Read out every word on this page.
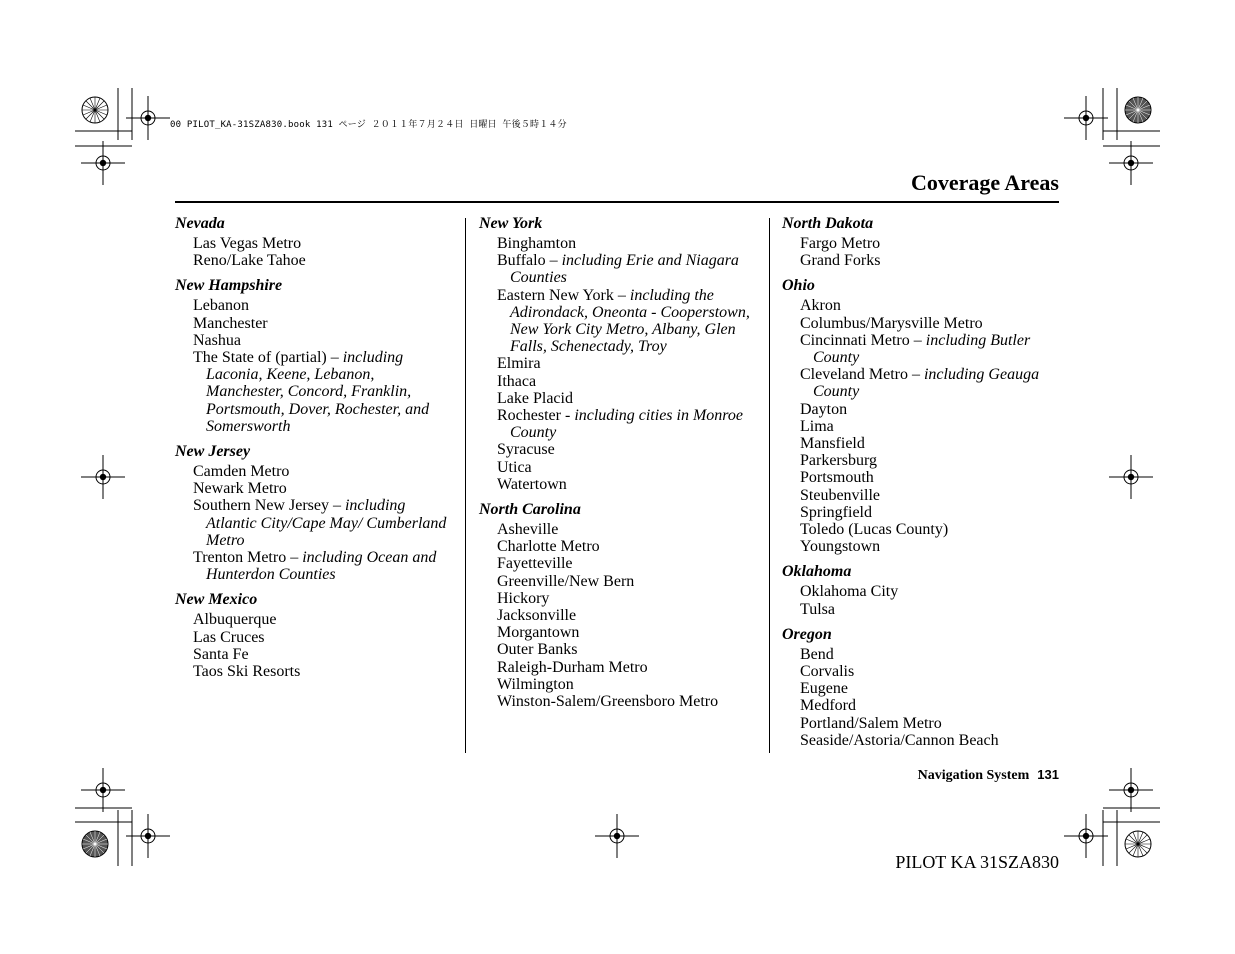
00 PILOT_KA-31SZA830.book 131 ページ ２０１１年７月２４日 日曜日 午後５時１４分
Coverage Areas
Nevada
Las Vegas Metro
Reno/Lake Tahoe
New Hampshire
Lebanon
Manchester
Nashua
The State of (partial) – including Laconia, Keene, Lebanon, Manchester, Concord, Franklin, Portsmouth, Dover, Rochester, and Somersworth
New Jersey
Camden Metro
Newark Metro
Southern New Jersey – including Atlantic City/Cape May/ Cumberland Metro
Trenton Metro – including Ocean and Hunterdon Counties
New Mexico
Albuquerque
Las Cruces
Santa Fe
Taos Ski Resorts
New York
Binghamton
Buffalo – including Erie and Niagara Counties
Eastern New York – including the Adirondack, Oneonta - Cooperstown, New York City Metro, Albany, Glen Falls, Schenectady, Troy
Elmira
Ithaca
Lake Placid
Rochester - including cities in Monroe County
Syracuse
Utica
Watertown
North Carolina
Asheville
Charlotte Metro
Fayetteville
Greenville/New Bern
Hickory
Jacksonville
Morgantown
Outer Banks
Raleigh-Durham Metro
Wilmington
Winston-Salem/Greensboro Metro
North Dakota
Fargo Metro
Grand Forks
Ohio
Akron
Columbus/Marysville Metro
Cincinnati Metro – including Butler County
Cleveland Metro – including Geauga County
Dayton
Lima
Mansfield
Parkersburg
Portsmouth
Steubenville
Springfield
Toledo (Lucas County)
Youngstown
Oklahoma
Oklahoma City
Tulsa
Oregon
Bend
Corvalis
Eugene
Medford
Portland/Salem Metro
Seaside/Astoria/Cannon Beach
Navigation System 131
PILOT KA 31SZA830
